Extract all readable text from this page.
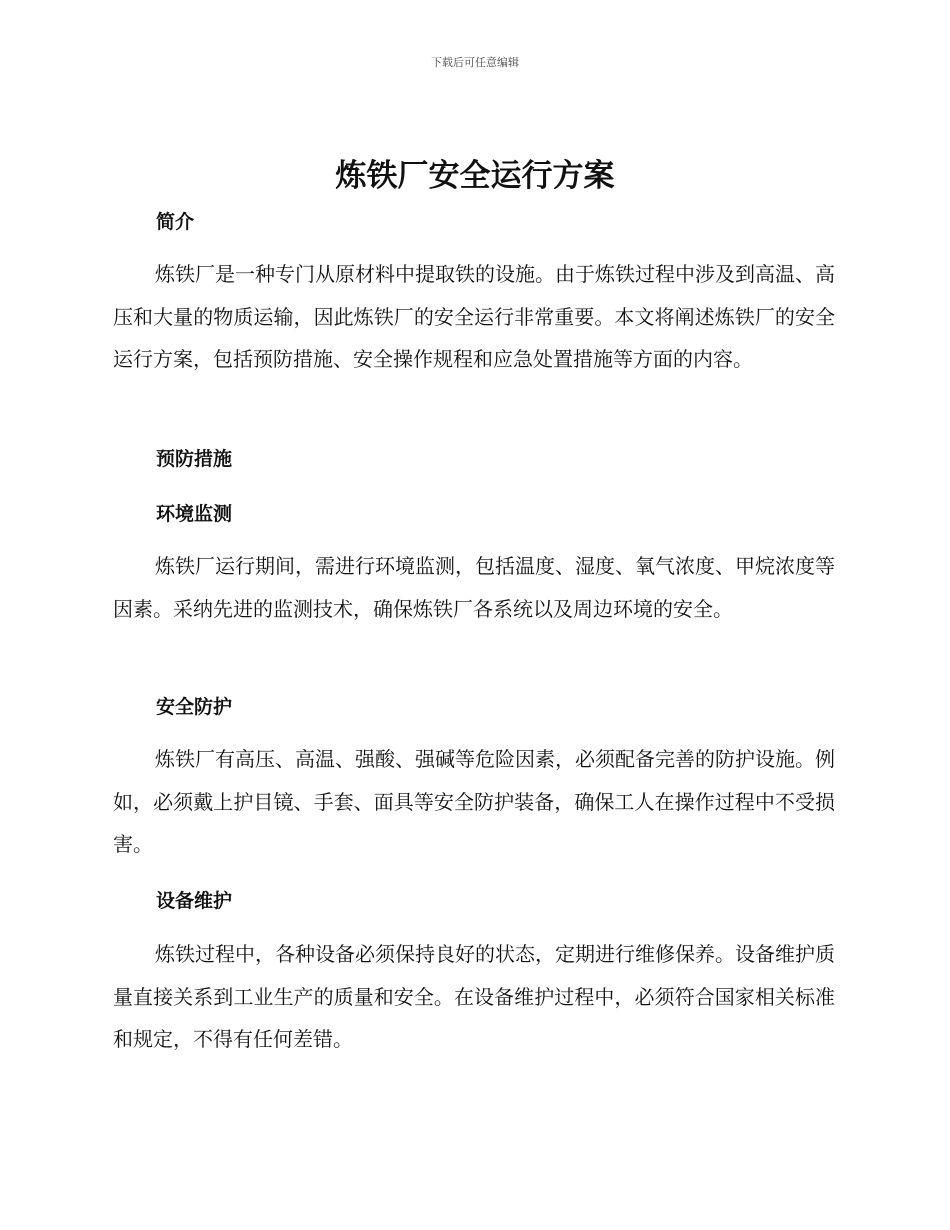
下载后可任意编辑
炼铁厂安全运行方案
简介

炼铁厂是一种专门从原材料中提取铁的设施。由于炼铁过程中涉及到高温、高压和大量的物质运输，因此炼铁厂的安全运行非常重要。本文将阐述炼铁厂的安全运行方案，包括预防措施、安全操作规程和应急处置措施等方面的内容。

预防措施
环境监测

炼铁厂运行期间，需进行环境监测，包括温度、湿度、氧气浓度、甲烷浓度等因素。采纳先进的监测技术，确保炼铁厂各系统以及周边环境的安全。

安全防护

炼铁厂有高压、高温、强酸、强碱等危险因素，必须配备完善的防护设施。例如，必须戴上护目镜、手套、面具等安全防护装备，确保工人在操作过程中不受损害。

设备维护

炼铁过程中，各种设备必须保持良好的状态，定期进行维修保养。设备维护质量直接关系到工业生产的质量和安全。在设备维护过程中，必须符合国家相关标准和规定，不得有任何差错。
